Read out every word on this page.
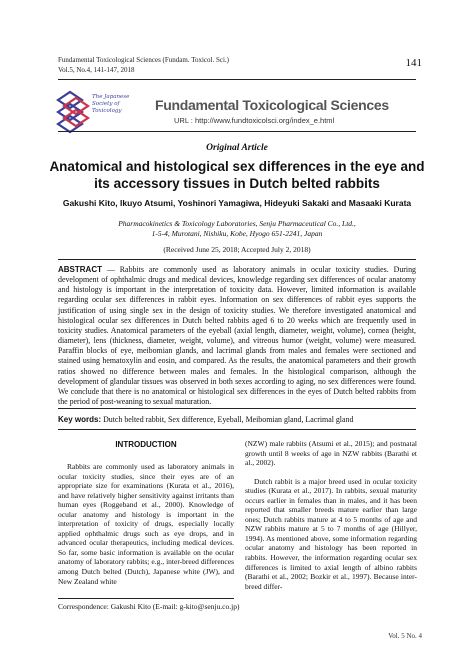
Fundamental Toxicological Sciences (Fundam. Toxicol. Sci.)
Vol.5, No.4, 141-147, 2018
141
The Japanese
Society of
Toxicology Fundamental Toxicological Sciences
URL : http://www.fundtoxicolsci.org/index_e.html
Original Article
Anatomical and histological sex differences in the eye and its accessory tissues in Dutch belted rabbits
Gakushi Kito, Ikuyo Atsumi, Yoshinori Yamagiwa, Hideyuki Sakaki and Masaaki Kurata
Pharmacokinetics & Toxicology Laboratories, Senju Pharmaceutical Co., Ltd.,
1-5-4, Murotani, Nishiku, Kobe, Hyogo 651-2241, Japan
(Received June 25, 2018; Accepted July 2, 2018)
ABSTRACT — Rabbits are commonly used as laboratory animals in ocular toxicity studies. During development of ophthalmic drugs and medical devices, knowledge regarding sex differences of ocular anatomy and histology is important in the interpretation of toxicity data. However, limited information is available regarding ocular sex differences in rabbit eyes. Information on sex differences of rabbit eyes supports the justification of using single sex in the design of toxicity studies. We therefore investigated anatomical and histological ocular sex differences in Dutch belted rabbits aged 6 to 20 weeks which are frequently used in toxicity studies. Anatomical parameters of the eyeball (axial length, diameter, weight, volume), cornea (height, diameter), lens (thickness, diameter, weight, volume), and vitreous humor (weight, volume) were measured. Paraffin blocks of eye, meibomian glands, and lacrimal glands from males and females were sectioned and stained using hematoxylin and eosin, and compared. As the results, the anatomical parameters and their growth ratios showed no difference between males and females. In the histological comparison, although the development of glandular tissues was observed in both sexes according to aging, no sex differences were found. We conclude that there is no anatomical or histological sex differences in the eyes of Dutch belted rabbits from the period of post-weaning to sexual maturation.
Key words: Dutch belted rabbit, Sex difference, Eyeball, Meibomian gland, Lacrimal gland
INTRODUCTION
Rabbits are commonly used as laboratory animals in ocular toxicity studies, since their eyes are of an appropriate size for examinations (Kurata et al., 2016), and have relatively higher sensitivity against irritants than human eyes (Roggeband et al., 2000). Knowledge of ocular anatomy and histology is important in the interpretation of toxicity of drugs, especially locally applied ophthalmic drugs such as eye drops, and in advanced ocular therapeutics, including medical devices. So far, some basic information is available on the ocular anatomy of laboratory rabbits; e.g., inter-breed differences among Dutch belted (Dutch), Japanese white (JW), and New Zealand white

(NZW) male rabbits (Atsumi et al., 2015); and postnatal growth until 8 weeks of age in NZW rabbits (Barathi et al., 2002).

Dutch rabbit is a major breed used in ocular toxicity studies (Kurata et al., 2017). In rabbits, sexual maturity occurs earlier in females than in males, and it has been reported that smaller breeds mature earlier than large ones; Dutch rabbits mature at 4 to 5 months of age and NZW rabbits mature at 5 to 7 months of age (Hillyer, 1994). As mentioned above, some information regarding ocular anatomy and histology has been reported in rabbits. However, the information regarding ocular sex differences is limited to axial length of albino rabbits (Barathi et al., 2002; Bozkir et al., 1997). Because inter-breed differ-

Correspondence: Gakushi Kito (E-mail: g-kito@senju.co.jp)
Vol. 5 No. 4
